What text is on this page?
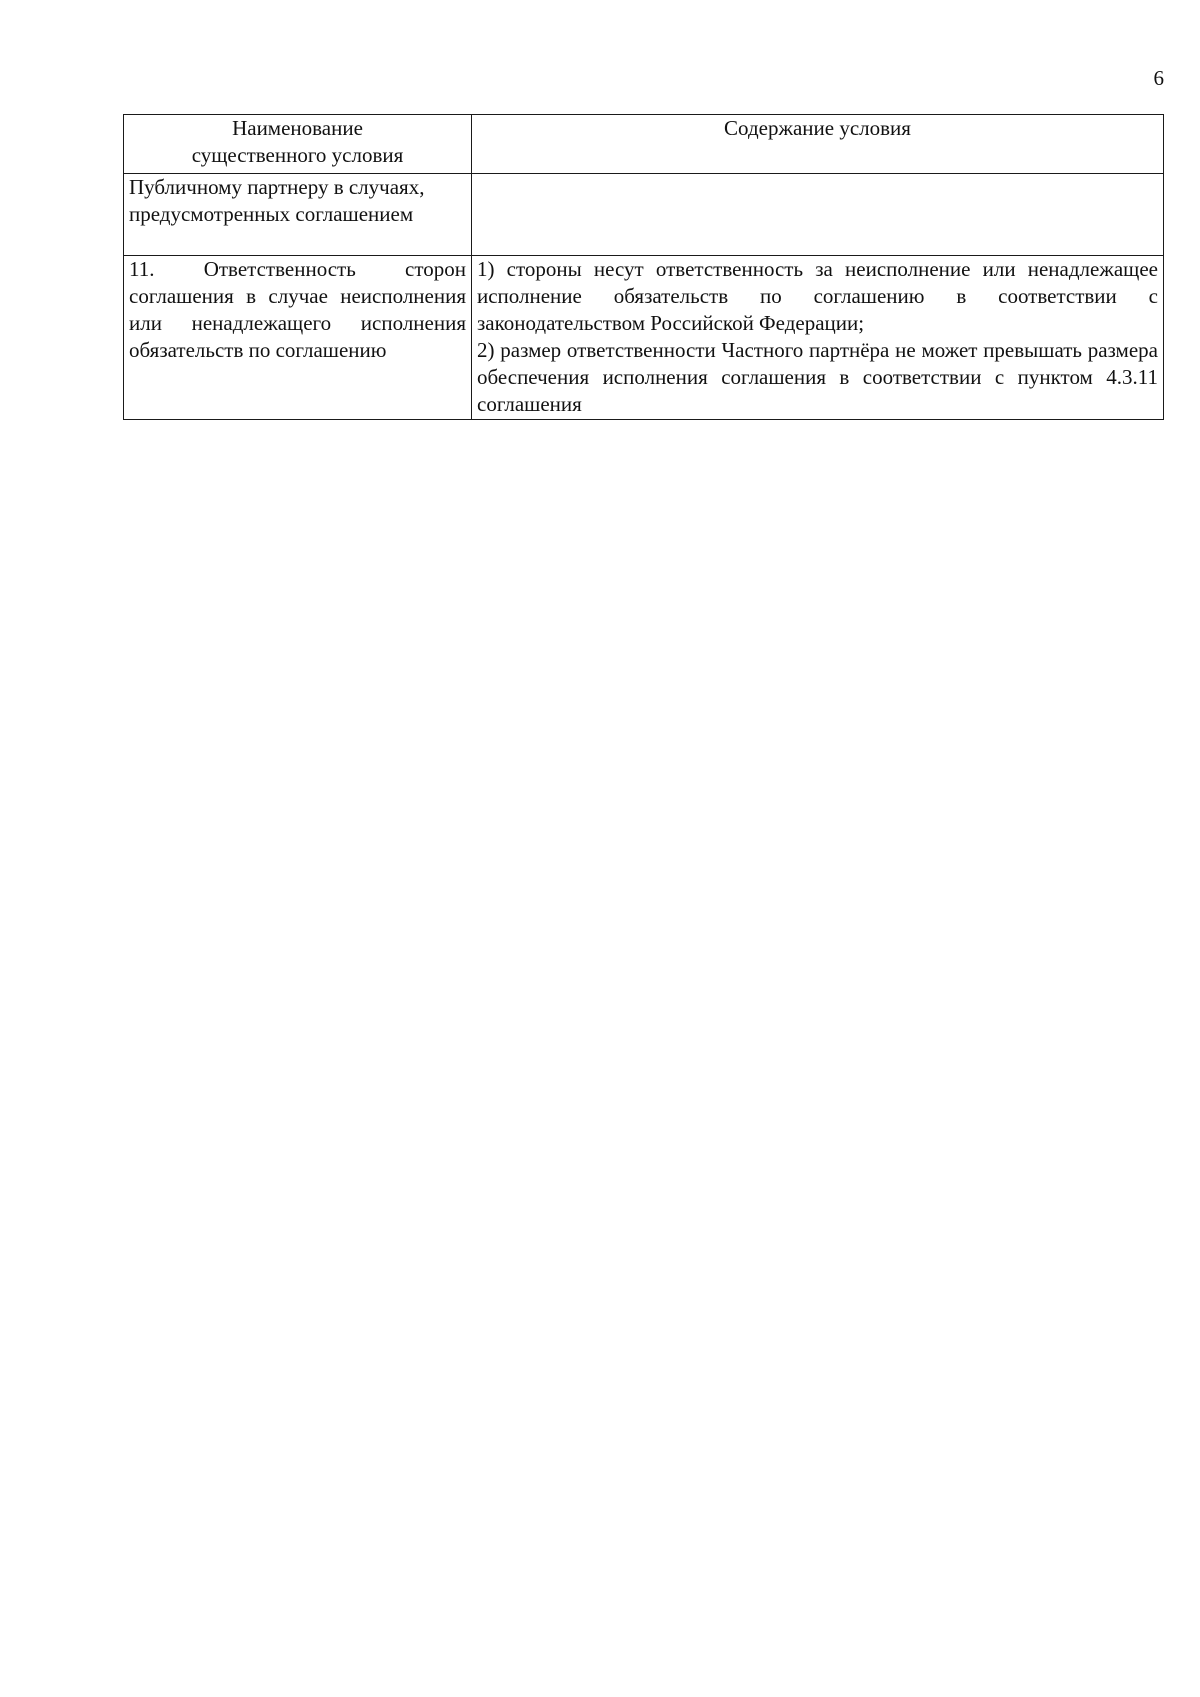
6
Наименование
существенного условия	Содержание условия

Публичному партнеру в случаях, предусмотренных соглашением	

11. Ответственность сторон соглашения в случае неисполнения или ненадлежащего исполнения обязательств по соглашению	1) стороны несут ответственность за неисполнение или ненадлежащее исполнение обязательств по соглашению в соответствии с законодательством Российской Федерации;
2) размер ответственности Частного партнёра не может превышать размера обеспечения исполнения соглашения в соответствии с пунктом 4.3.11 соглашения
